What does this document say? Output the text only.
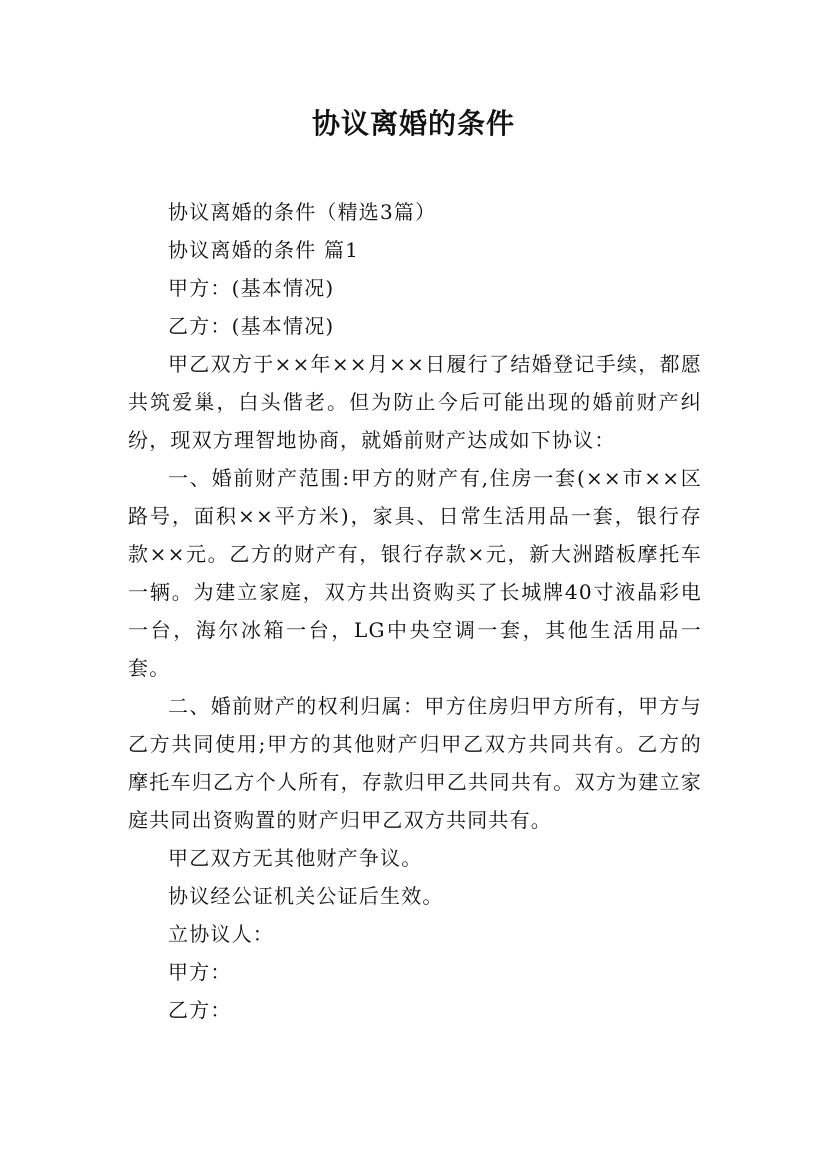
协议离婚的条件

协议离婚的条件（精选3篇）

协议离婚的条件 篇1

甲方：(基本情况)

乙方：(基本情况)

甲乙双方于××年××月××日履行了结婚登记手续，都愿共筑爱巢，白头偕老。但为防止今后可能出现的婚前财产纠纷，现双方理智地协商，就婚前财产达成如下协议：

一、婚前财产范围:甲方的财产有,住房一套(××市××区路号，面积××平方米)，家具、日常生活用品一套，银行存款××元。乙方的财产有，银行存款×元，新大洲踏板摩托车一辆。为建立家庭，双方共出资购买了长城牌40寸液晶彩电一台，海尔冰箱一台，LG中央空调一套，其他生活用品一套。

二、婚前财产的权利归属：甲方住房归甲方所有，甲方与乙方共同使用;甲方的其他财产归甲乙双方共同共有。乙方的摩托车归乙方个人所有，存款归甲乙共同共有。双方为建立家庭共同出资购置的财产归甲乙双方共同共有。

甲乙双方无其他财产争议。

协议经公证机关公证后生效。

立协议人：

甲方：

乙方：
